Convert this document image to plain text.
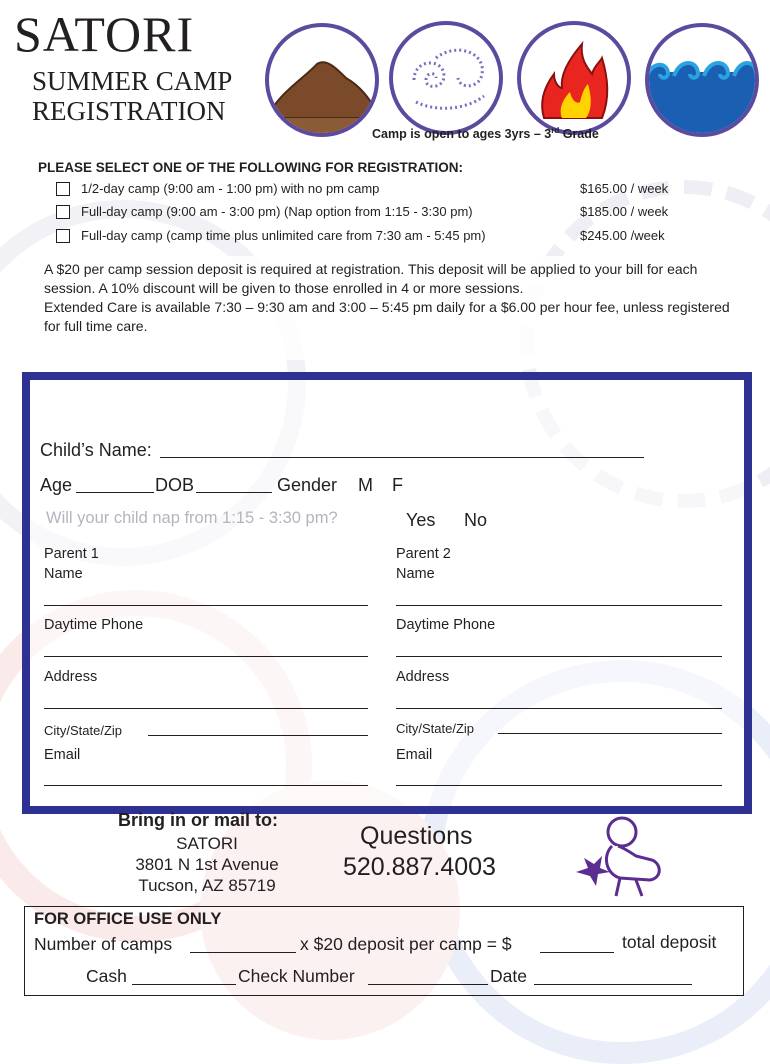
SATORI
SUMMER CAMP
REGISTRATION
Camp is open to ages 3yrs – 3rd Grade
PLEASE SELECT ONE OF THE FOLLOWING FOR REGISTRATION:
1/2-day camp (9:00 am - 1:00 pm) with no pm camp	$165.00 / week
Full-day camp (9:00 am - 3:00 pm) (Nap option from 1:15 - 3:30 pm)	$185.00 / week
Full-day camp (camp time plus unlimited care from 7:30 am - 5:45 pm)	$245.00 /week

A $20 per camp session deposit is required at registration. This deposit will be applied to your bill for each session. A 10% discount will be given to those enrolled in 4 or more sessions.

Extended Care is available 7:30 – 9:30 am and 3:00 – 5:45 pm daily for a $6.00 per hour fee, unless registered for full time care.

Child’s Name:
Age	DOB	Gender M F
Will your child nap from 1:15 - 3:30 pm?	Yes No
Parent 1
Name
Daytime Phone
Address
City/State/Zip
Email
Parent 2
Name
Daytime Phone
Address
City/State/Zip
Email
Bring in or mail to:
SATORI
3801 N 1st Avenue
Tucson, AZ 85719
Questions
520.887.4003
FOR OFFICE USE ONLY
Number of camps	x $20 deposit per camp = $	total deposit
Cash	Check Number	Date
